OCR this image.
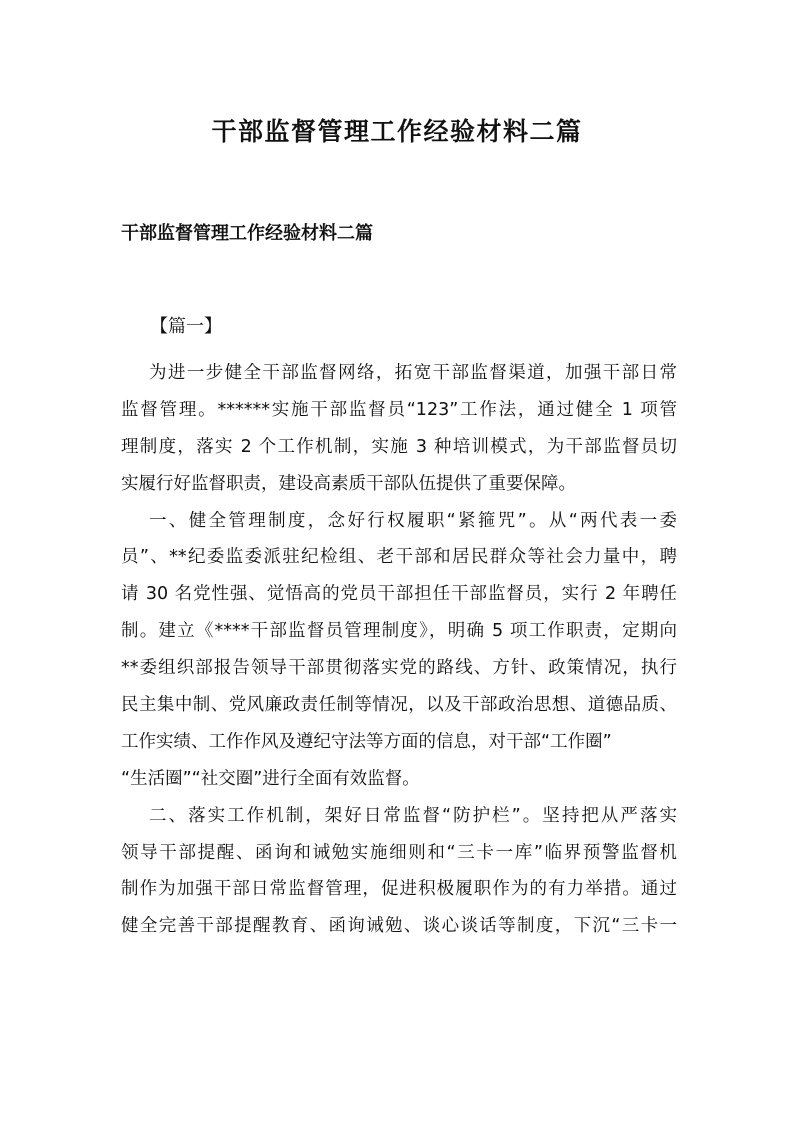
干部监督管理工作经验材料二篇
干部监督管理工作经验材料二篇
【篇一】

为进一步健全干部监督网络，拓宽干部监督渠道，加强干部日常
监督管理。******实施干部监督员“123”工作法，通过健全 1 项管
理制度，落实 2 个工作机制，实施 3 种培训模式，为干部监督员切
实履行好监督职责，建设高素质干部队伍提供了重要保障。

一、健全管理制度，念好行权履职“紧箍咒”。从“两代表一委
员”、**纪委监委派驻纪检组、老干部和居民群众等社会力量中，聘
请 30 名党性强、觉悟高的党员干部担任干部监督员，实行 2 年聘任
制。建立《****干部监督员管理制度》，明确 5 项工作职责，定期向
**委组织部报告领导干部贯彻落实党的路线、方针、政策情况，执行
民主集中制、党风廉政责任制等情况，以及干部政治思想、道德品质、
工作实绩、工作作风及遵纪守法等方面的信息，对干部“工作圈”
“生活圈”“社交圈”进行全面有效监督。

二、落实工作机制，架好日常监督“防护栏”。坚持把从严落实
领导干部提醒、函询和诫勉实施细则和“三卡一库”临界预警监督机
制作为加强干部日常监督管理，促进积极履职作为的有力举措。通过
健全完善干部提醒教育、函询诫勉、谈心谈话等制度，下沉“三卡一
